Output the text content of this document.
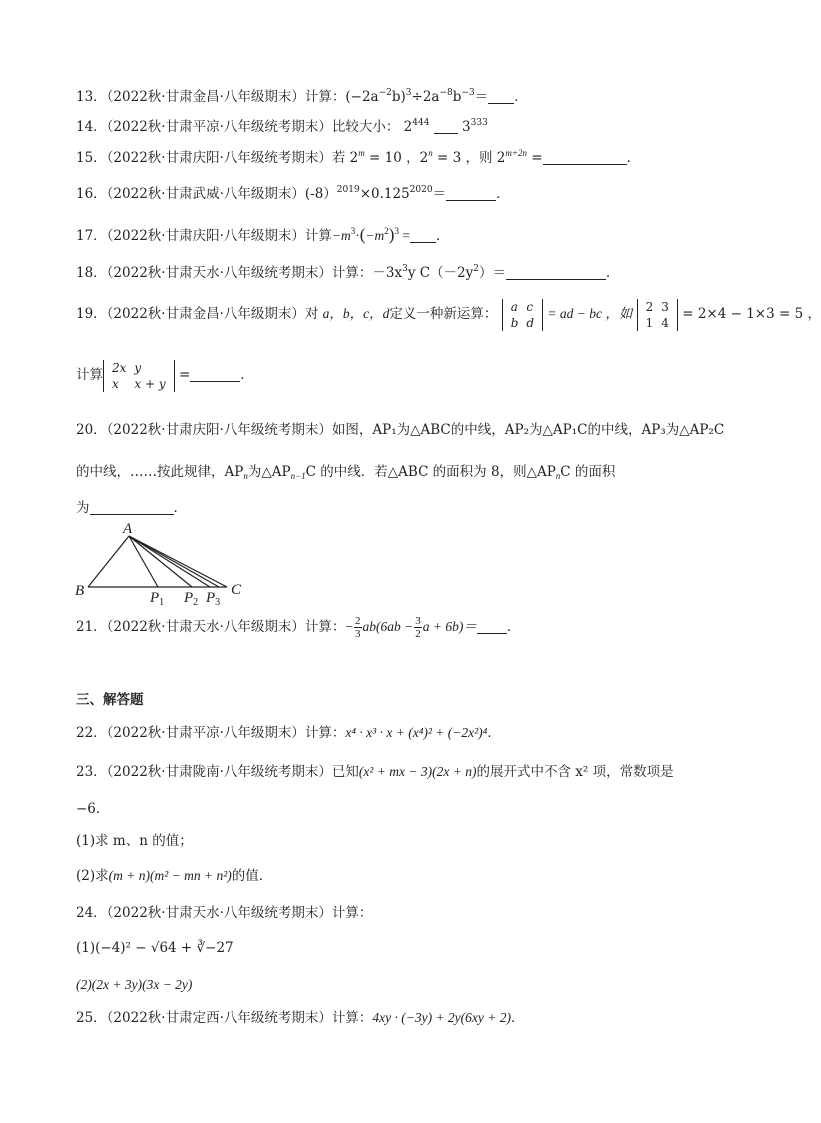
13．（2022秋·甘肃金昌·八年级期末）计算：$(-2a^{-2}b)^3\div 2a^{-8}b^{-3}=$ ．
14．（2022秋·甘肃平凉·八年级统考期末）比较大小： $2^{444}$ $3^{333}$
15．（2022秋·甘肃庆阳·八年级统考期末）若 $2^m = 10$ ，$2^n = 3$ ，则 $2^{m+2n}$ =	．
16．（2022秋·甘肃武威·八年级期末）$(-8)^{2019}\times 0.125^{2020}=$	．
17．（2022秋·甘肃庆阳·八年级期末）计算$-m^3\cdot(-m^2)^3$ = ．
18．（2022秋·甘肃天水·八年级统考期末）计算：$-3x^3y$ $C(-2y^2)=$	．
19．（2022秋·甘肃金昌·八年级期末）对 a，b，c，d定义一种新运算： a	c
b	d
= ad − bc ，如 2	3
1	4
= 2×4 − 1×3 = 5 ，
计算 2x	y
x	x + y
=	．
20．（2022秋·甘肃庆阳·八年级统考期末）如图，AP₁为△ABC的中线，AP₂为△AP₁C的中线，AP₃为△AP₂C
的中线，……按此规律，$AP_n$为$\triangle AP_{n-1}C$ 的中线．若△ABC 的面积为 8，则$\triangle AP_nC$ 的面积
为	．
A
B	C
$P_1$ $P_2$ $P_3$
21．（2022秋·甘肃天水·八年级期末）计算：− $\frac{2}{3} ab(6ab - \frac{3}{2}$ a + 6b)＝ ．
三、解答题
22．（2022秋·甘肃平凉·八年级期末）计算：x⁴ · x³ · x + (x⁴)² + (−2x²)⁴．
23．（2022秋·甘肃陇南·八年级统考期末）已知(x² + mx − 3)(2x + n)的展开式中不含 x² 项，常数项是
−6．
(1)求 m、n 的值；
(2)求(m + n)(m² − mn + n²)的值．
24．（2022秋·甘肃天水·八年级统考期末）计算：
(1)(−4)² − √64 + ∛−27
(2)(2x + 3y)(3x − 2y)
25．（2022秋·甘肃定西·八年级统考期末）计算：4xy · (−3y) + 2y(6xy + 2)．
